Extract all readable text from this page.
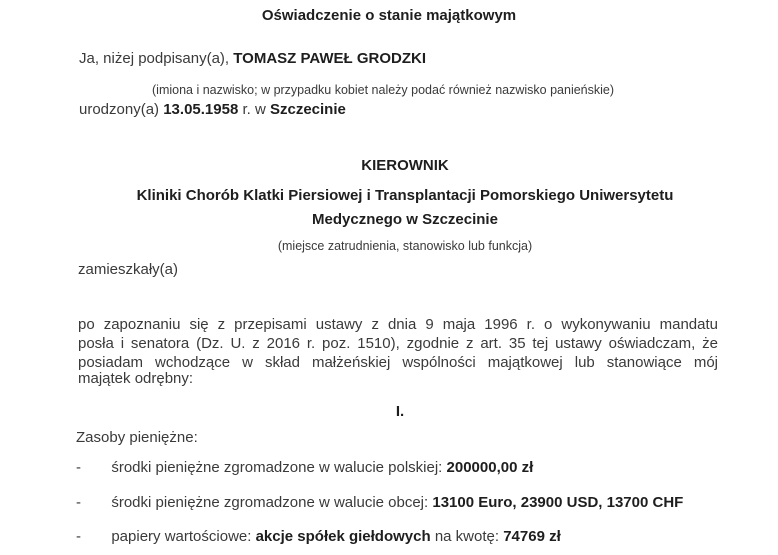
Oświadczenie o stanie majątkowym
Ja, niżej podpisany(a), TOMASZ PAWEŁ GRODZKI
(imiona i nazwisko; w przypadku kobiet należy podać również nazwisko panieńskie)
urodzony(a) 13.05.1958 r. w Szczecinie
KIEROWNIK
Kliniki Chorób Klatki Piersiowej i Transplantacji Pomorskiego Uniwersytetu
Medycznego w Szczecinie
(miejsce zatrudnienia, stanowisko lub funkcja)
zamieszkały(a)
po zapoznaniu się z przepisami ustawy z dnia 9 maja 1996 r. o wykonywaniu mandatu
posła i senatora (Dz. U. z 2016 r. poz. 1510), zgodnie z art. 35 tej ustawy oświadczam, że
posiadam wchodzące w skład małżeńskiej wspólności majątkowej lub stanowiące mój
majątek odrębny:
I.
Zasoby pieniężne:
- środki pieniężne zgromadzone w walucie polskiej: 200000,00 zł
- środki pieniężne zgromadzone w walucie obcej: 13100 Euro, 23900 USD, 13700 CHF
- papiery wartościowe: akcje spółek giełdowych na kwotę: 74769 zł
